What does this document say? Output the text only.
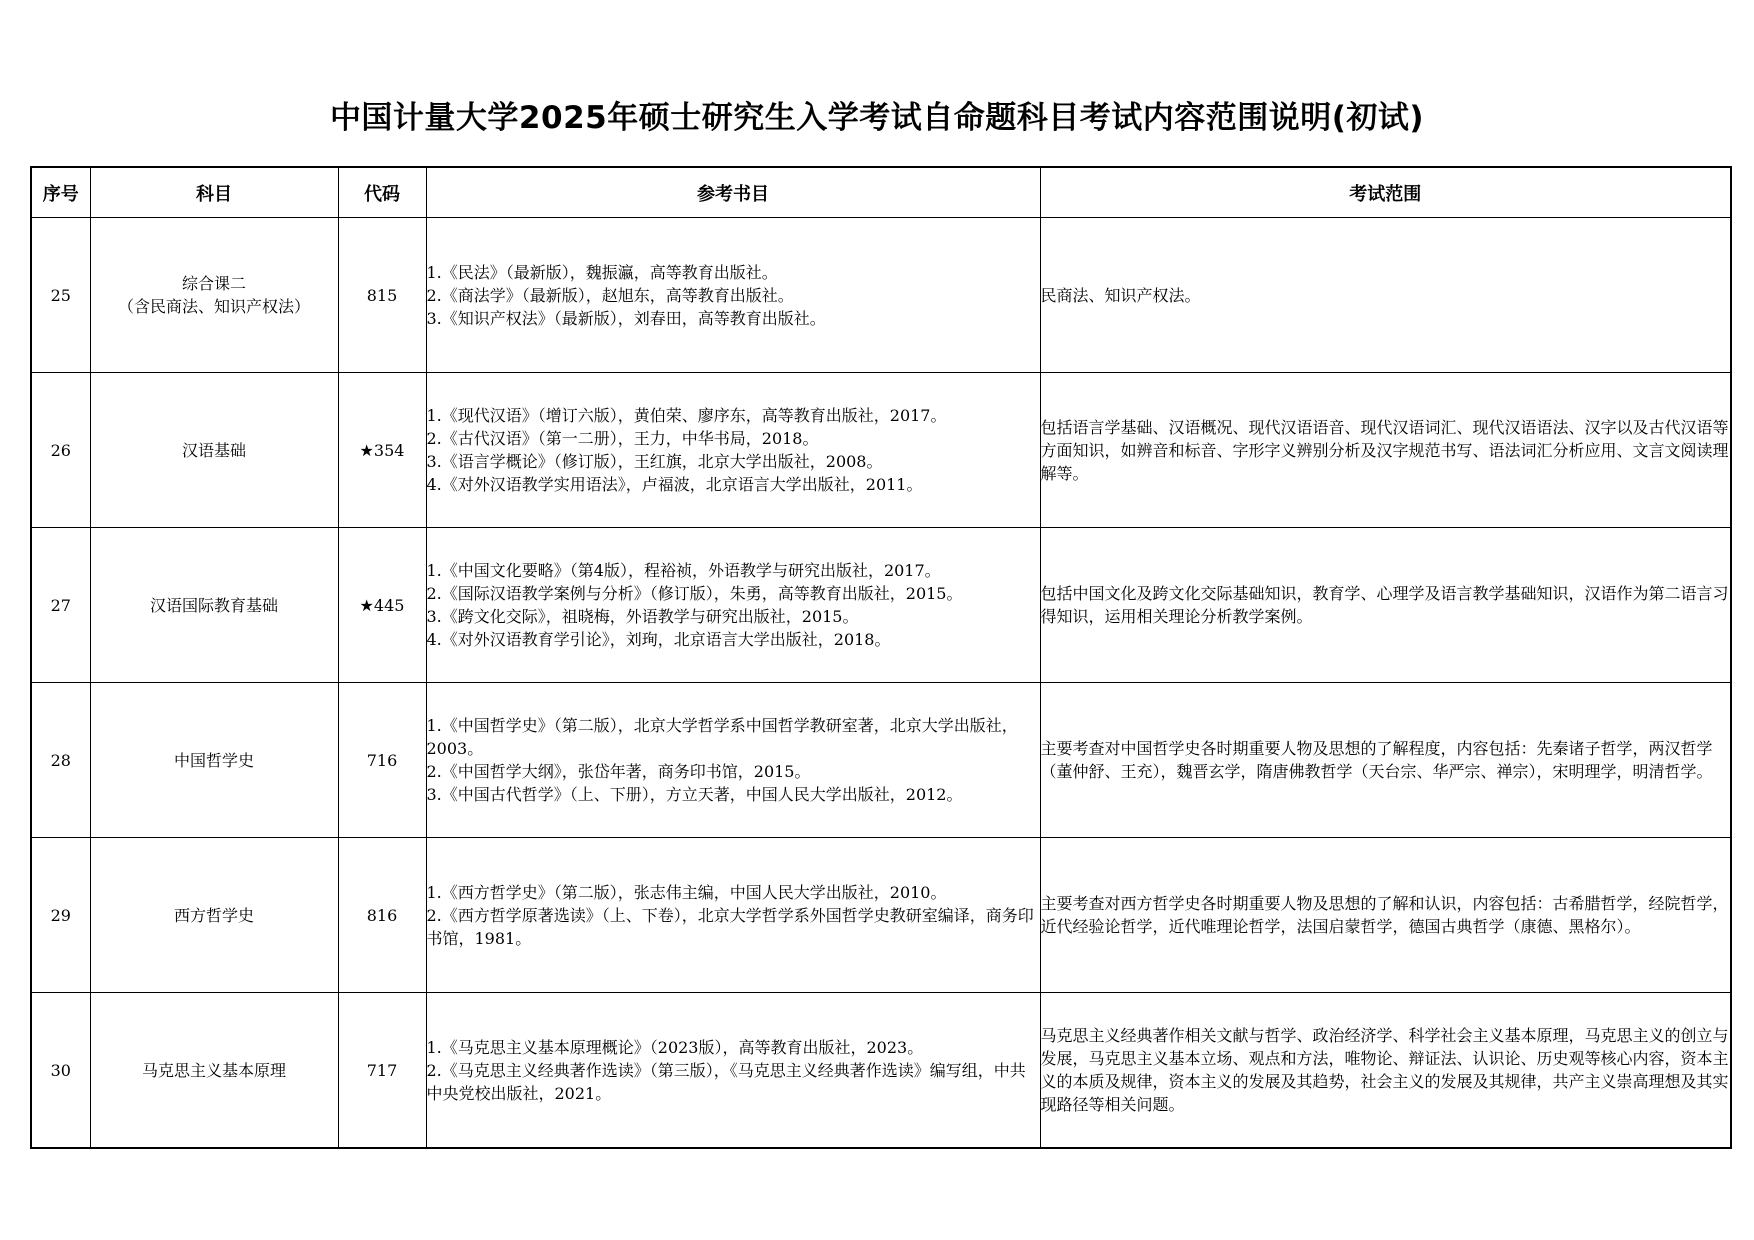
中国计量大学2025年硕士研究生入学考试自命题科目考试内容范围说明(初试)
序号	科目	代码	参考书目	考试范围
25	综合课二
（含民商法、知识产权法）	815	1.《民法》（最新版），魏振瀛，高等教育出版社。
2.《商法学》（最新版），赵旭东，高等教育出版社。
3.《知识产权法》（最新版），刘春田，高等教育出版社。	民商法、知识产权法。

26	汉语基础	★354	1.《现代汉语》（增订六版），黄伯荣、廖序东，高等教育出版社，2017。
2.《古代汉语》（第一二册），王力，中华书局，2018。
3.《语言学概论》（修订版），王红旗，北京大学出版社，2008。
4.《对外汉语教学实用语法》，卢福波，北京语言大学出版社，2011。	包括语言学基础、汉语概况、现代汉语语音、现代汉语词汇、现代汉语语法、汉字以及古代汉语等方面知识，如辨音和标音、字形字义辨别分析及汉字规范书写、语法词汇分析应用、文言文阅读理解等。

27	汉语国际教育基础	★445	1.《中国文化要略》（第4版），程裕祯，外语教学与研究出版社，2017。
2.《国际汉语教学案例与分析》（修订版），朱勇，高等教育出版社，2015。
3.《跨文化交际》，祖晓梅，外语教学与研究出版社，2015。
4.《对外汉语教育学引论》，刘珣，北京语言大学出版社，2018。	包括中国文化及跨文化交际基础知识，教育学、心理学及语言教学基础知识，汉语作为第二语言习得知识，运用相关理论分析教学案例。

28	中国哲学史	716	1.《中国哲学史》（第二版），北京大学哲学系中国哲学教研室著，北京大学出版社，2003。
2.《中国哲学大纲》，张岱年著，商务印书馆，2015。
3.《中国古代哲学》（上、下册），方立天著，中国人民大学出版社，2012。	主要考查对中国哲学史各时期重要人物及思想的了解程度，内容包括：先秦诸子哲学，两汉哲学（董仲舒、王充），魏晋玄学，隋唐佛教哲学（天台宗、华严宗、禅宗），宋明理学，明清哲学。

29	西方哲学史	816	1.《西方哲学史》（第二版），张志伟主编，中国人民大学出版社，2010。
2.《西方哲学原著选读》（上、下卷），北京大学哲学系外国哲学史教研室编译，商务印书馆，1981。	主要考查对西方哲学史各时期重要人物及思想的了解和认识，内容包括：古希腊哲学，经院哲学，近代经验论哲学，近代唯理论哲学，法国启蒙哲学，德国古典哲学（康德、黑格尔）。

30	马克思主义基本原理	717	1.《马克思主义基本原理概论》（2023版），高等教育出版社，2023。
2.《马克思主义经典著作选读》（第三版），《马克思主义经典著作选读》编写组，中共中央党校出版社，2021。	马克思主义经典著作相关文献与哲学、政治经济学、科学社会主义基本原理，马克思主义的创立与发展，马克思主义基本立场、观点和方法，唯物论、辩证法、认识论、历史观等核心内容，资本主义的本质及规律，资本主义的发展及其趋势，社会主义的发展及其规律，共产主义崇高理想及其实现路径等相关问题。
